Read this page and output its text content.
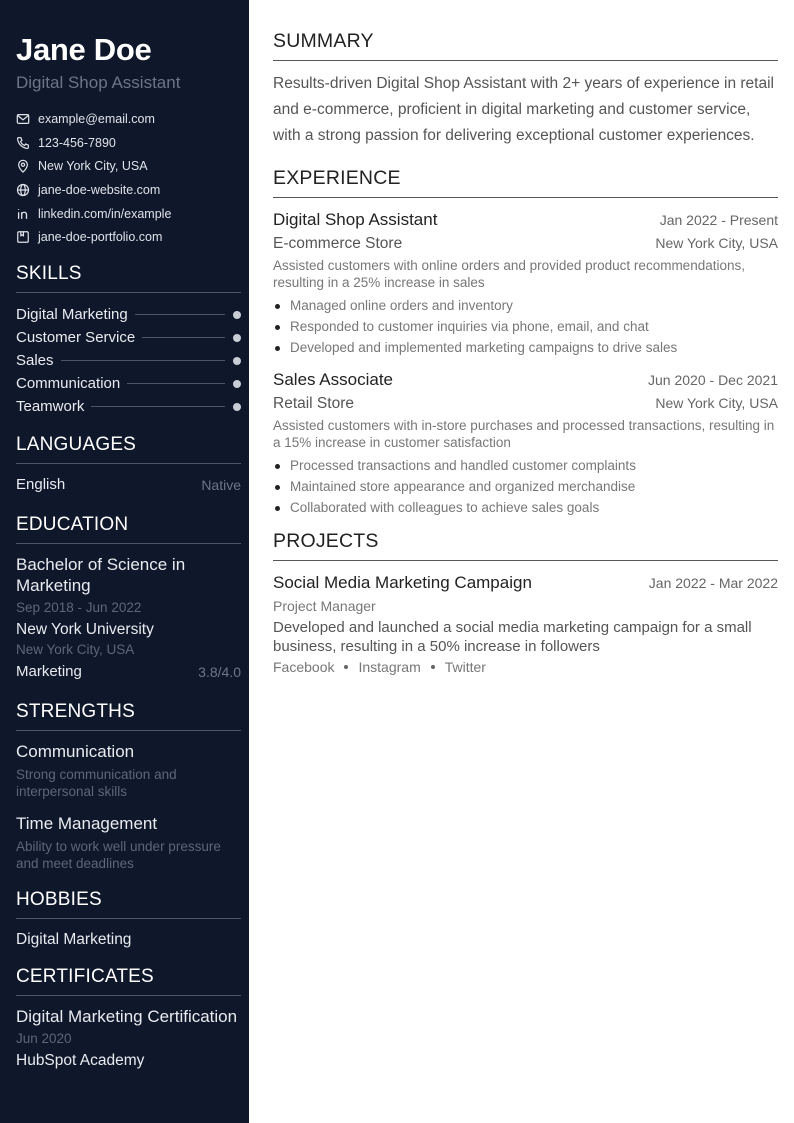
Jane Doe
Digital Shop Assistant
example@email.com
123-456-7890
New York City, USA
jane-doe-website.com
linkedin.com/in/example
jane-doe-portfolio.com
SKILLS
Digital Marketing
Customer Service
Sales
Communication
Teamwork
LANGUAGES
English	Native
EDUCATION
Bachelor of Science in Marketing
Sep 2018 - Jun 2022
New York University
New York City, USA
Marketing	3.8/4.0
STRENGTHS
Communication
Strong communication and interpersonal skills
Time Management
Ability to work well under pressure and meet deadlines
HOBBIES
Digital Marketing
CERTIFICATES
Digital Marketing Certification
Jun 2020
HubSpot Academy
SUMMARY

Results-driven Digital Shop Assistant with 2+ years of experience in retail and e-commerce, proficient in digital marketing and customer service, with a strong passion for delivering exceptional customer experiences.

EXPERIENCE
Digital Shop Assistant	Jan 2022 - Present
E-commerce Store	New York City, USA
Assisted customers with online orders and provided product recommendations, resulting in a 25% increase in sales
Managed online orders and inventory
Responded to customer inquiries via phone, email, and chat
Developed and implemented marketing campaigns to drive sales
Sales Associate	Jun 2020 - Dec 2021
Retail Store	New York City, USA
Assisted customers with in-store purchases and processed transactions, resulting in a 15% increase in customer satisfaction
Processed transactions and handled customer complaints
Maintained store appearance and organized merchandise
Collaborated with colleagues to achieve sales goals
PROJECTS
Social Media Marketing Campaign	Jan 2022 - Mar 2022
Project Manager
Developed and launched a social media marketing campaign for a small business, resulting in a 50% increase in followers
Facebook Instagram Twitter
